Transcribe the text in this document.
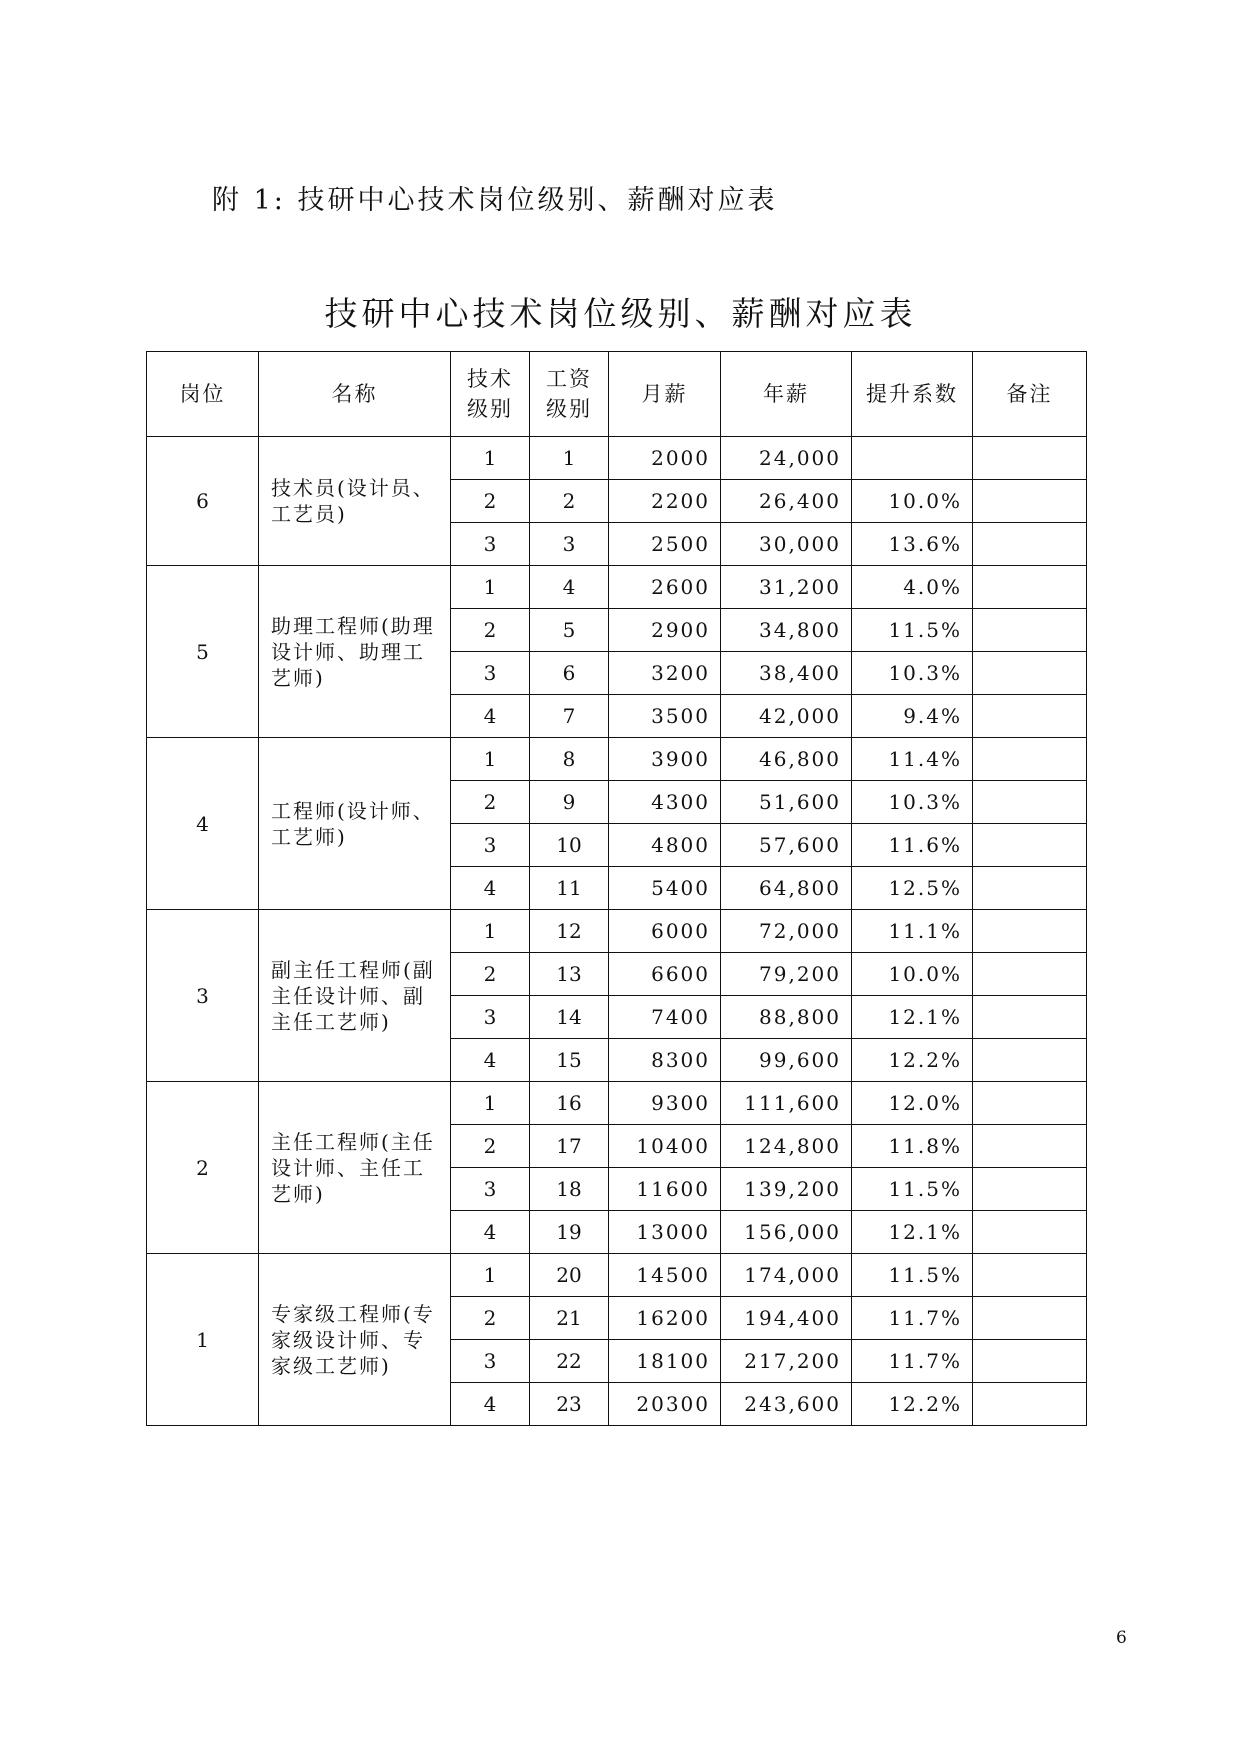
附 1: 技研中心技术岗位级别、薪酬对应表
技研中心技术岗位级别、薪酬对应表
岗位	名称	技术级别	工资级别	月薪	年薪	提升系数	备注
6	技术员(设计员、工艺员)	1	1	2000	24,000		
		2	2	2200	26,400	10.0%	
		3	3	2500	30,000	13.6%	
5	助理工程师(助理设计师、助理工艺师)	1	4	2600	31,200	4.0%	
		2	5	2900	34,800	11.5%	
		3	6	3200	38,400	10.3%	
		4	7	3500	42,000	9.4%	
4	工程师(设计师、工艺师)	1	8	3900	46,800	11.4%	
		2	9	4300	51,600	10.3%	
		3	10	4800	57,600	11.6%	
		4	11	5400	64,800	12.5%	
3	副主任工程师(副主任设计师、副主任工艺师)	1	12	6000	72,000	11.1%	
		2	13	6600	79,200	10.0%	
		3	14	7400	88,800	12.1%	
		4	15	8300	99,600	12.2%	
2	主任工程师(主任设计师、主任工艺师)	1	16	9300	111,600	12.0%	
		2	17	10400	124,800	11.8%	
		3	18	11600	139,200	11.5%	
		4	19	13000	156,000	12.1%	
1	专家级工程师(专家级设计师、专家级工艺师)	1	20	14500	174,000	11.5%	
		2	21	16200	194,400	11.7%	
		3	22	18100	217,200	11.7%	
		4	23	20300	243,600	12.2%	
6
